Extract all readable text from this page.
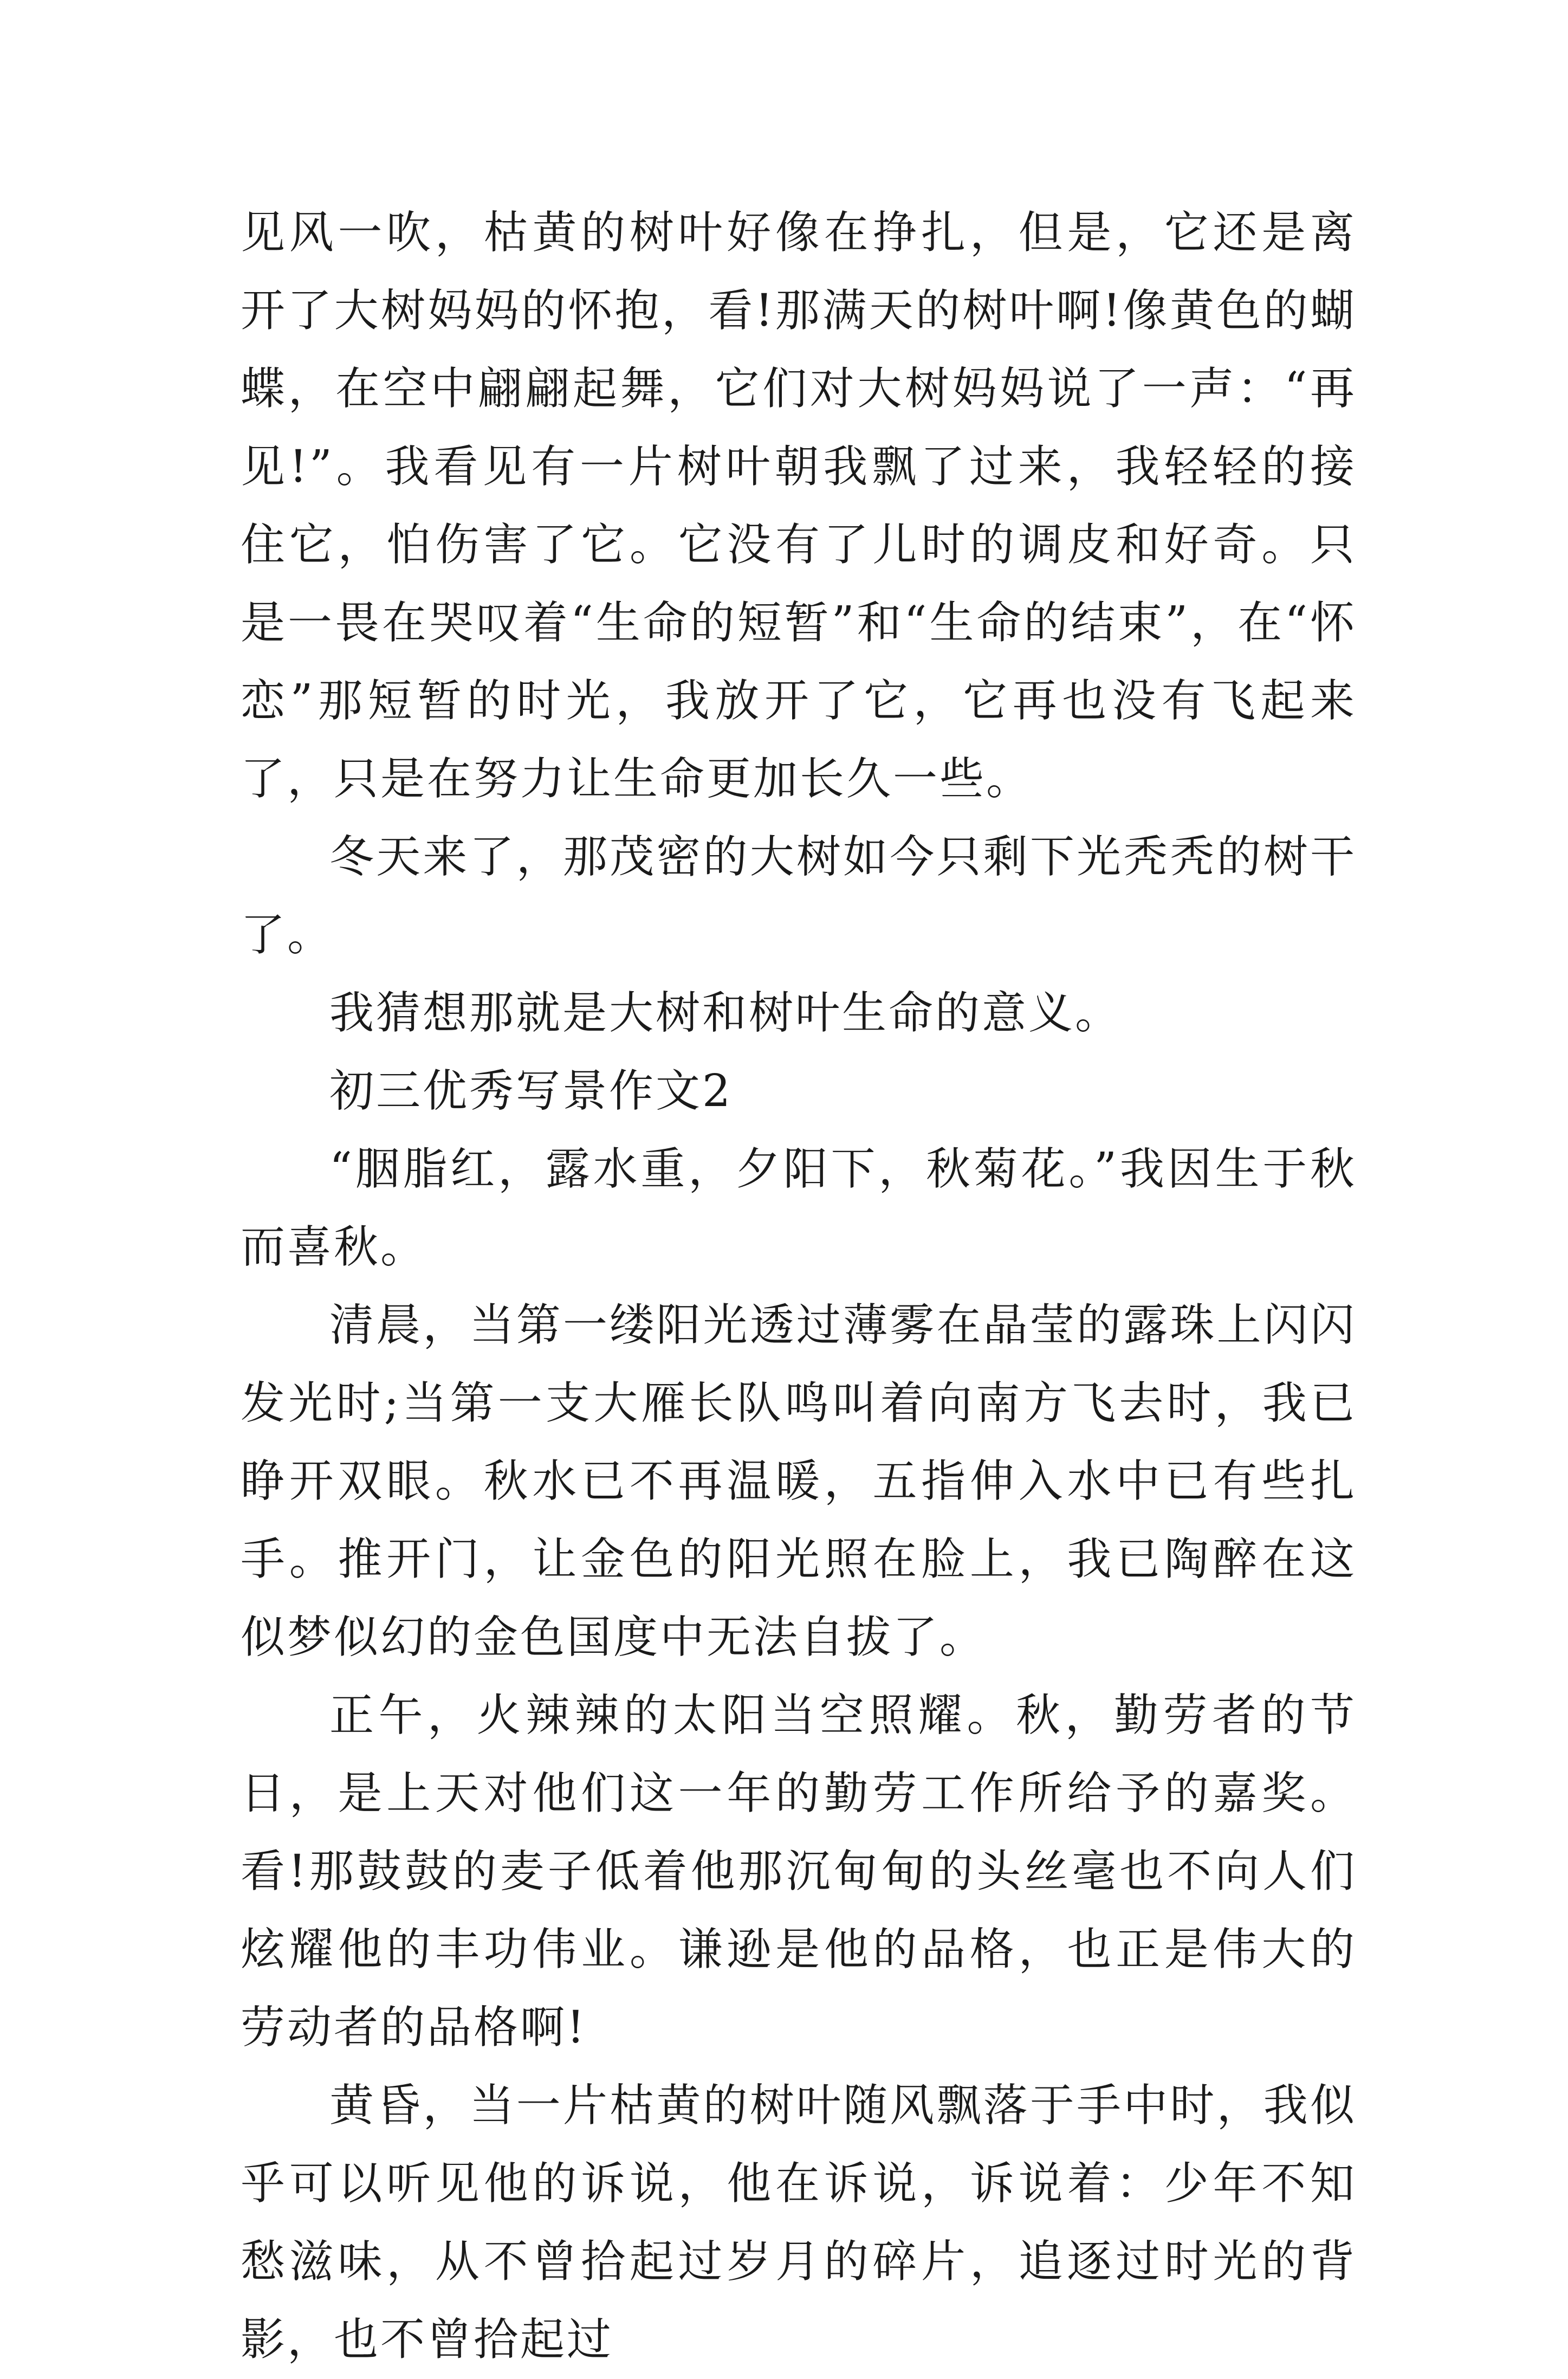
见风一吹，枯黄的树叶好像在挣扎，但是，它还是离开了大树妈妈的怀抱，看!那满天的树叶啊!像黄色的蝴蝶，在空中翩翩起舞，它们对大树妈妈说了一声：“再见!”。我看见有一片树叶朝我飘了过来，我轻轻的接住它，怕伤害了它。它没有了儿时的调皮和好奇。只是一畏在哭叹着“生命的短暂”和“生命的结束”，在“怀恋”那短暂的时光，我放开了它，它再也没有飞起来了，只是在努力让生命更加长久一些。

冬天来了，那茂密的大树如今只剩下光秃秃的树干了。

我猜想那就是大树和树叶生命的意义。

初三优秀写景作文2

“胭脂红，露水重，夕阳下，秋菊花。”我因生于秋而喜秋。

清晨，当第一缕阳光透过薄雾在晶莹的露珠上闪闪发光时;当第一支大雁长队鸣叫着向南方飞去时，我已睁开双眼。秋水已不再温暖，五指伸入水中已有些扎手。推开门，让金色的阳光照在脸上，我已陶醉在这似梦似幻的金色国度中无法自拔了。

正午，火辣辣的太阳当空照耀。秋，勤劳者的节日，是上天对他们这一年的勤劳工作所给予的嘉奖。看!那鼓鼓的麦子低着他那沉甸甸的头丝毫也不向人们炫耀他的丰功伟业。谦逊是他的品格，也正是伟大的劳动者的品格啊!

黄昏，当一片枯黄的树叶随风飘落于手中时，我似乎可以听见他的诉说，他在诉说，诉说着：少年不知愁滋味，从不曾拾起过岁月的碎片，追逐过时光的背影，也不曾拾起过
